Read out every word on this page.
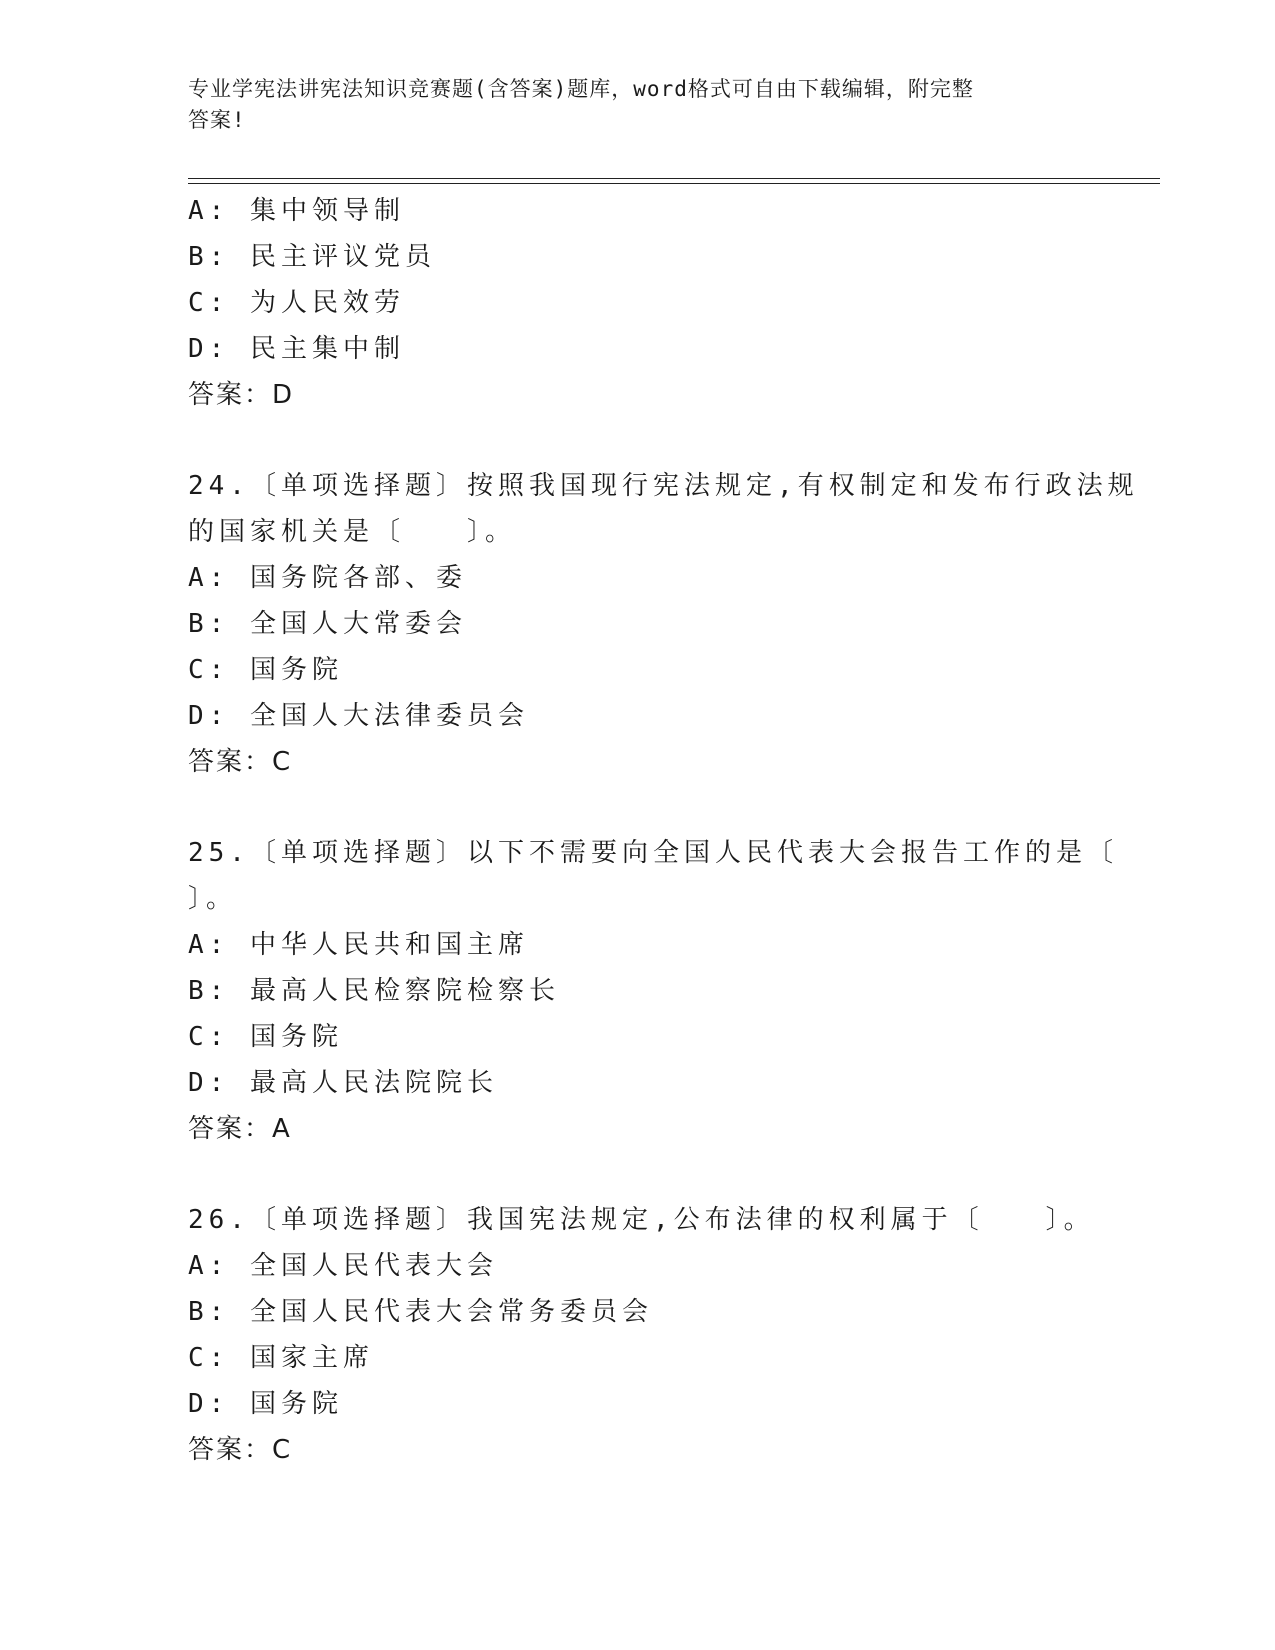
专业学宪法讲宪法知识竞赛题(含答案)题库，word格式可自由下载编辑，附完整
答案!
A: 集中领导制
B: 民主评议党员
C: 为人民效劳
D: 民主集中制
答案：D
24.〔单项选择题〕按照我国现行宪法规定,有权制定和发布行政法规
的国家机关是〔　　〕。
A: 国务院各部、委
B: 全国人大常委会
C: 国务院
D: 全国人大法律委员会
答案：C
25.〔单项选择题〕以下不需要向全国人民代表大会报告工作的是〔
〕。
A: 中华人民共和国主席
B: 最高人民检察院检察长
C: 国务院
D: 最高人民法院院长
答案：A
26.〔单项选择题〕我国宪法规定,公布法律的权利属于〔　　〕。
A: 全国人民代表大会
B: 全国人民代表大会常务委员会
C: 国家主席
D: 国务院
答案：C
